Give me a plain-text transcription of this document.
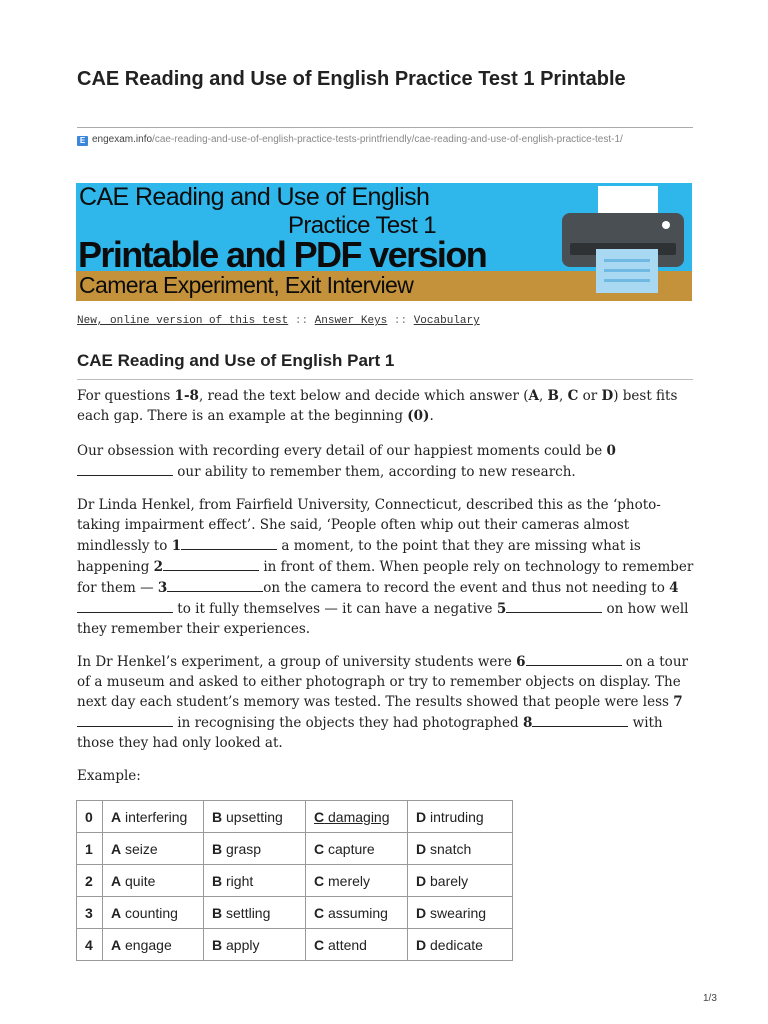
CAE Reading and Use of English Practice Test 1 Printable
E engexam.info/cae-reading-and-use-of-english-practice-tests-printfriendly/cae-reading-and-use-of-english-practice-test-1/
CAE Reading and Use of English
Practice Test 1
Printable and PDF version
Camera Experiment, Exit Interview
New, online version of this test :: Answer Keys :: Vocabulary
CAE Reading and Use of English Part 1

For questions 1-8, read the text below and decide which answer (A, B, C or D) best fits each gap. There is an example at the beginning (0).

Our obsession with recording every detail of our happiest moments could be 0 our ability to remember them, according to new research.

Dr Linda Henkel, from Fairfield University, Connecticut, described this as the ‘photo-taking impairment effect’. She said, ‘People often whip out their cameras almost mindlessly to 1	a moment, to the point that they are missing what is happening 2	in front of them. When people rely on technology to remember for them — 3	on the camera to record the event and thus not needing to 4 to it fully themselves — it can have a negative 5	on how well they remember their experiences.

In Dr Henkel’s experiment, a group of university students were 6	on a tour of a museum and asked to either photograph or try to remember objects on display. The next day each student’s memory was tested. The results showed that people were less 7 in recognising the objects they had photographed 8	with those they had only looked at.

Example:

0	A interfering	B upsetting	C damaging	D intruding
1	A seize	B grasp	C capture	D snatch
2	A quite	B right	C merely	D barely
3	A counting	B settling	C assuming	D swearing
4	A engage	B apply	C attend	D dedicate
1/3
